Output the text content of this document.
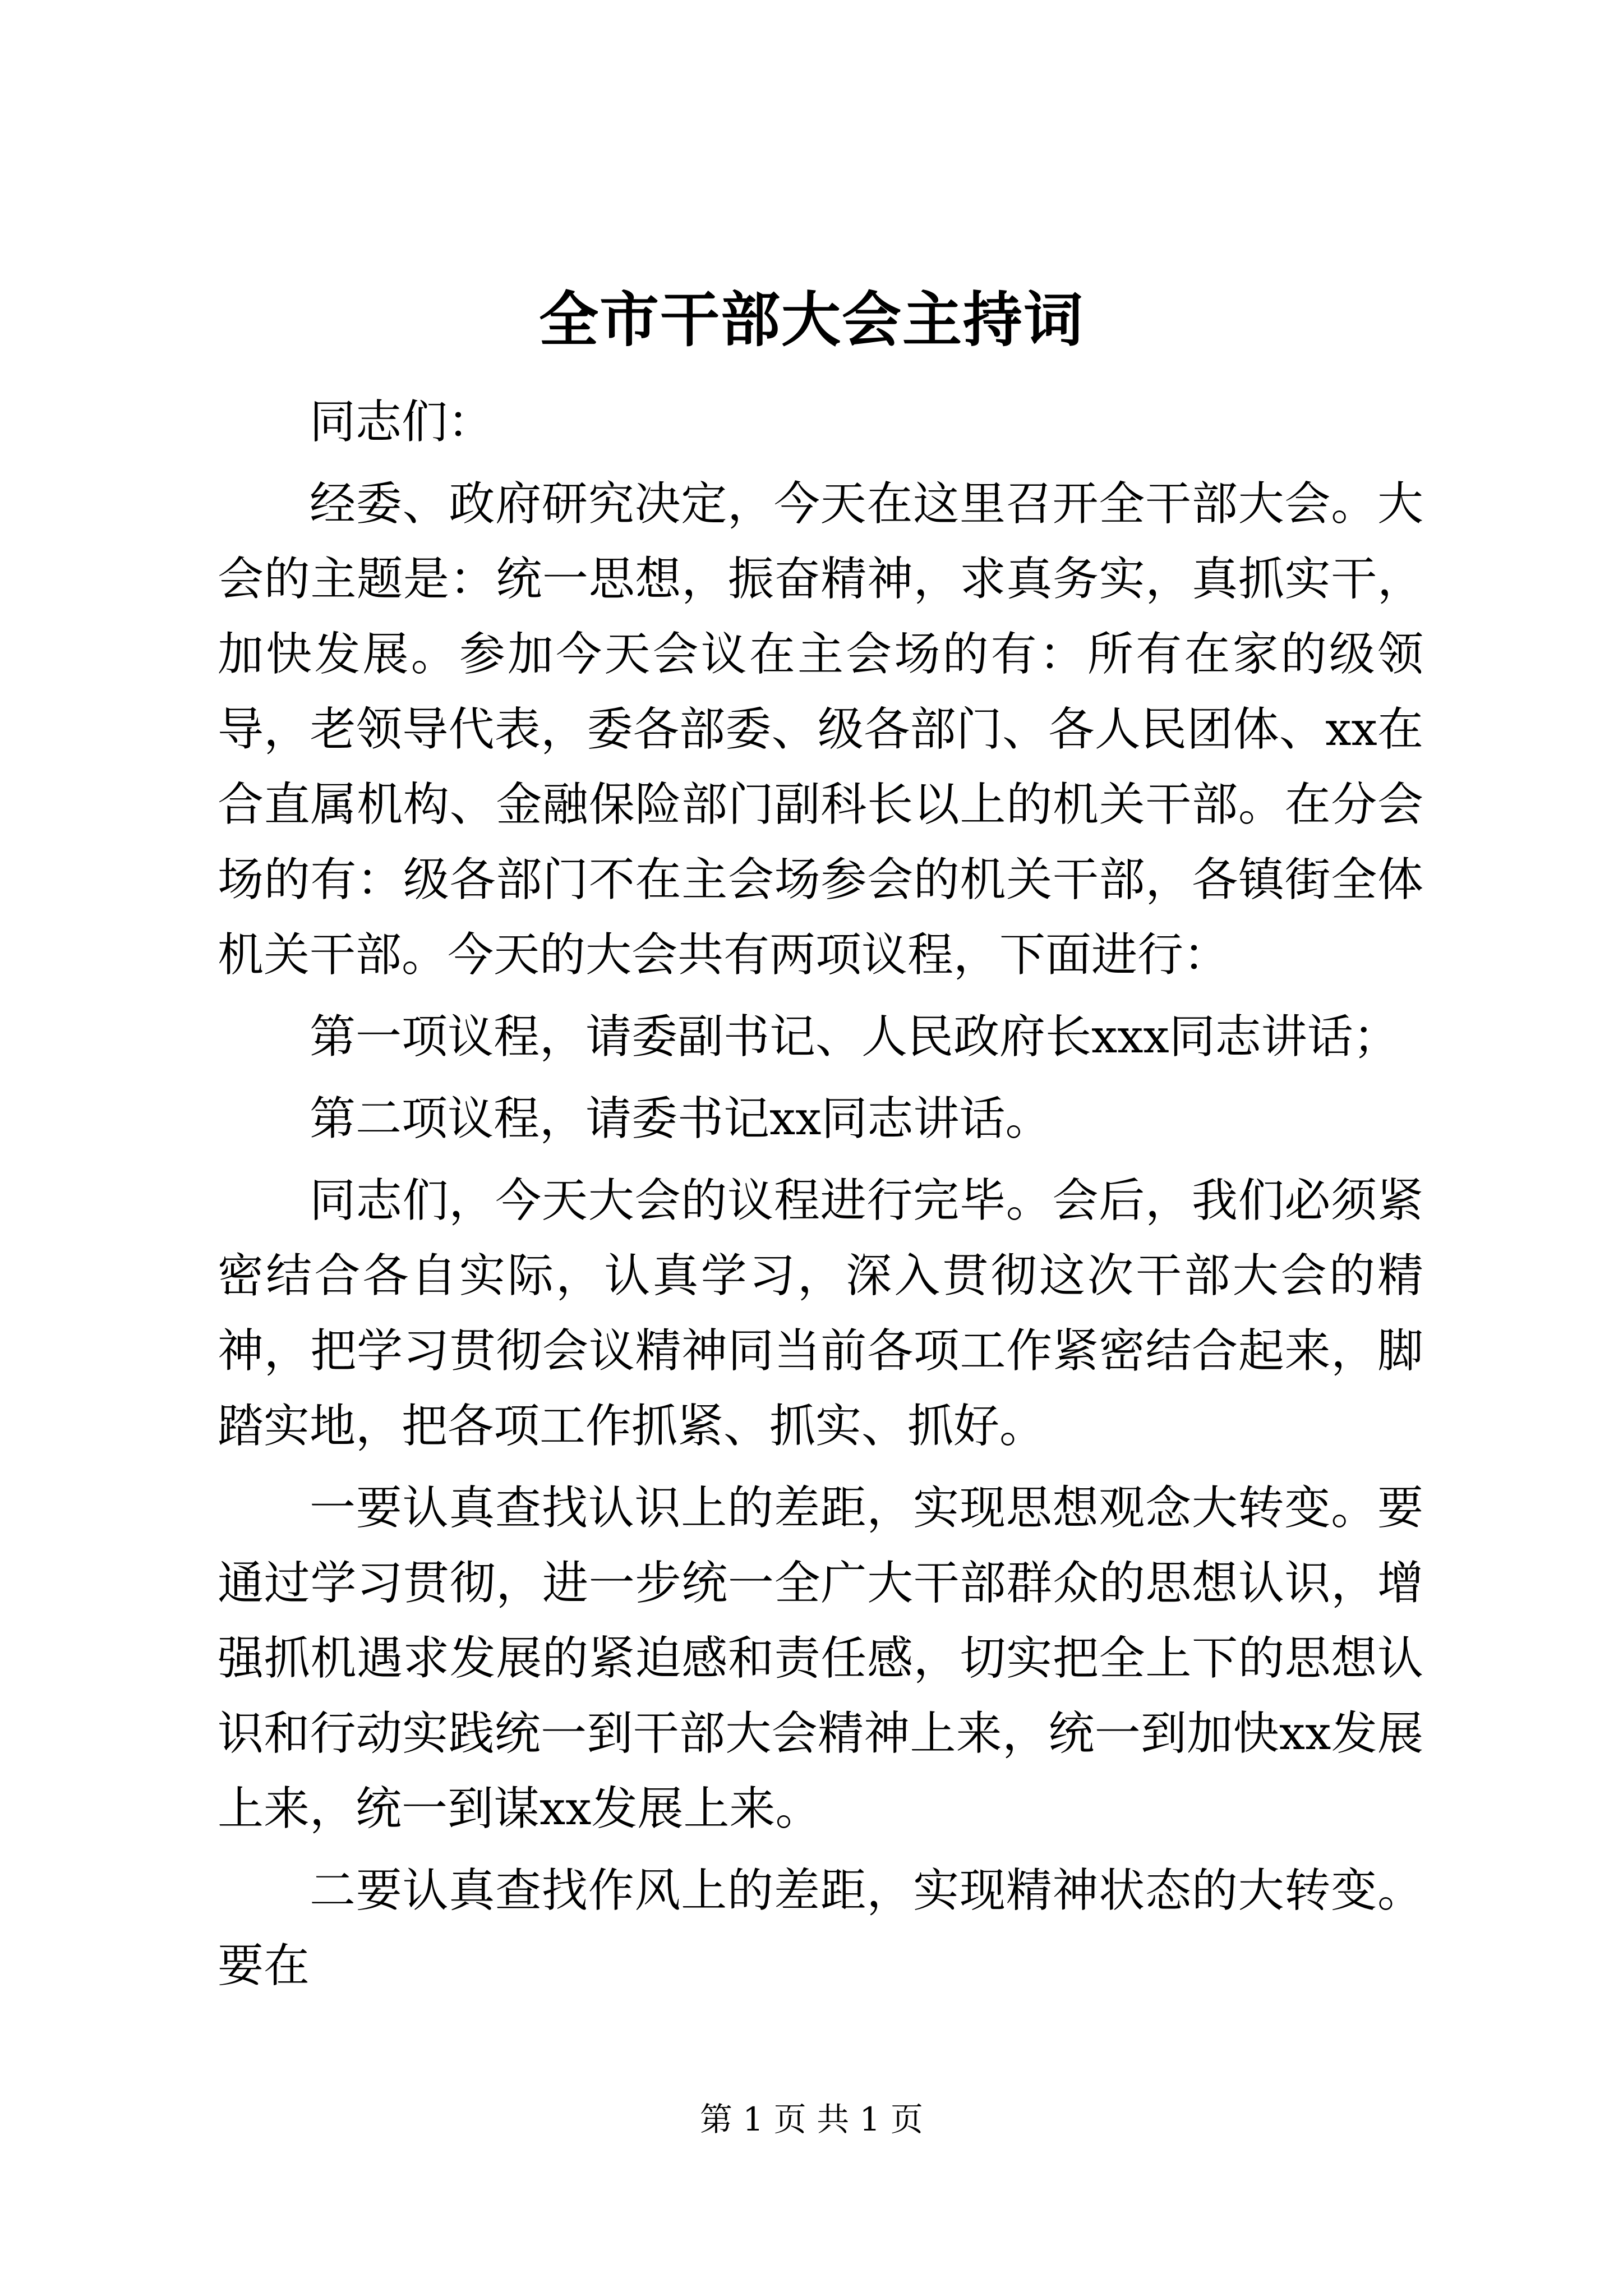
全市干部大会主持词

同志们：

经委、政府研究决定，今天在这里召开全干部大会。大会的主题是：统一思想，振奋精神，求真务实，真抓实干，加快发展。参加今天会议在主会场的有：所有在家的级领导，老领导代表，委各部委、级各部门、各人民团体、xx在合直属机构、金融保险部门副科长以上的机关干部。在分会场的有：级各部门不在主会场参会的机关干部，各镇街全体机关干部。今天的大会共有两项议程，下面进行：

第一项议程，请委副书记、人民政府长xxx同志讲话；

第二项议程，请委书记xx同志讲话。

同志们，今天大会的议程进行完毕。会后，我们必须紧密结合各自实际，认真学习，深入贯彻这次干部大会的精神，把学习贯彻会议精神同当前各项工作紧密结合起来，脚踏实地，把各项工作抓紧、抓实、抓好。

一要认真查找认识上的差距，实现思想观念大转变。要通过学习贯彻，进一步统一全广大干部群众的思想认识，增强抓机遇求发展的紧迫感和责任感，切实把全上下的思想认识和行动实践统一到干部大会精神上来，统一到加快xx发展上来，统一到谋xx发展上来。

二要认真查找作风上的差距，实现精神状态的大转变。要在

第 1 页 共 1 页
